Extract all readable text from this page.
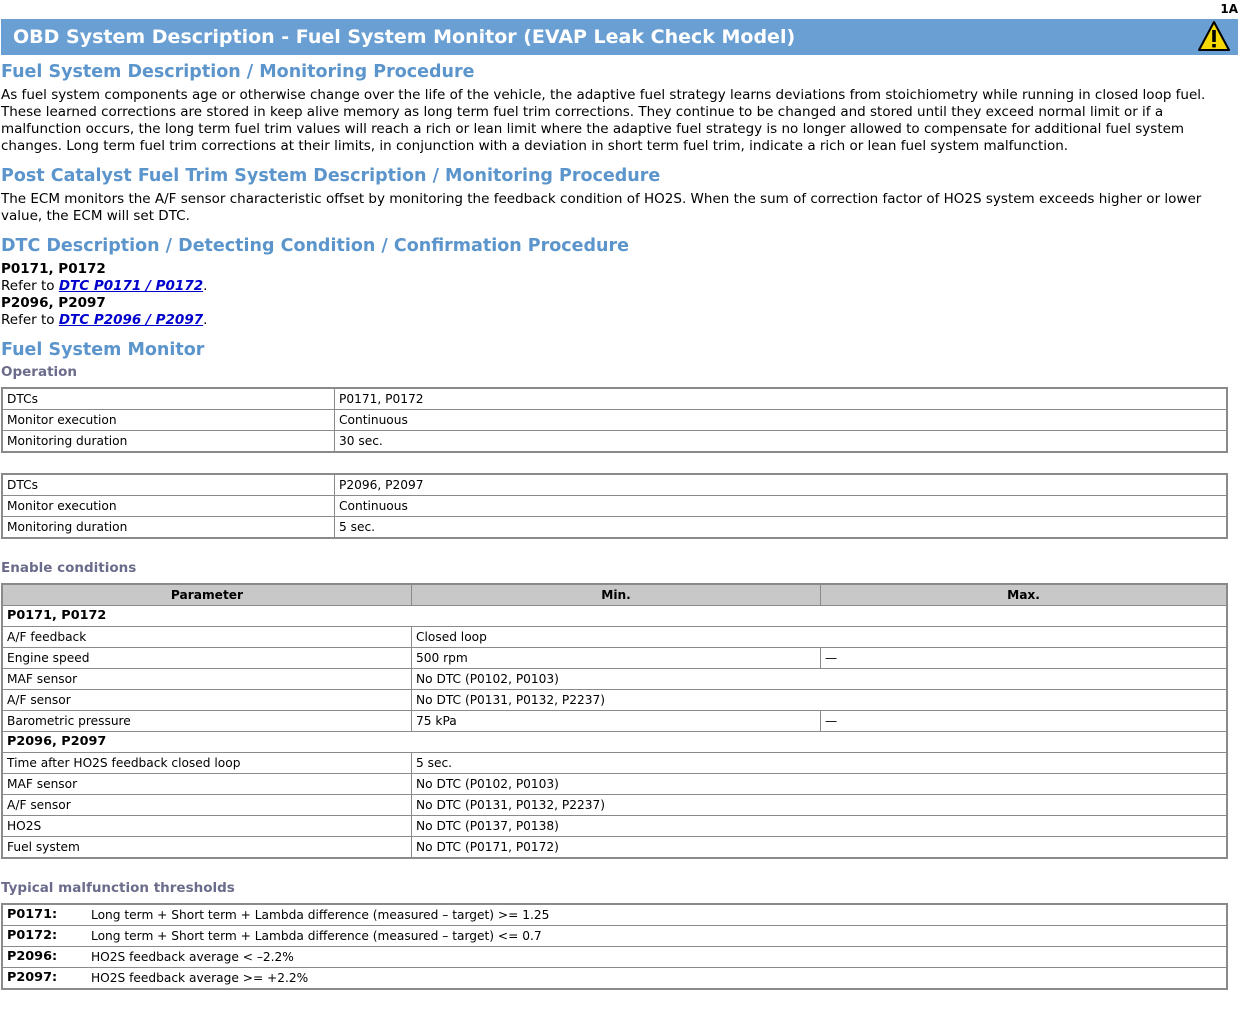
1A
OBD System Description - Fuel System Monitor (EVAP Leak Check Model)
Fuel System Description / Monitoring Procedure

As fuel system components age or otherwise change over the life of the vehicle, the adaptive fuel strategy learns deviations from stoichiometry while running in closed loop fuel. These learned corrections are stored in keep alive memory as long term fuel trim corrections. They continue to be changed and stored until they exceed normal limit or if a malfunction occurs, the long term fuel trim values will reach a rich or lean limit where the adaptive fuel strategy is no longer allowed to compensate for additional fuel system changes. Long term fuel trim corrections at their limits, in conjunction with a deviation in short term fuel trim, indicate a rich or lean fuel system malfunction.

Post Catalyst Fuel Trim System Description / Monitoring Procedure

The ECM monitors the A/F sensor characteristic offset by monitoring the feedback condition of HO2S. When the sum of correction factor of HO2S system exceeds higher or lower value, the ECM will set DTC.

DTC Description / Detecting Condition / Confirmation Procedure

P0171, P0172

Refer to DTC P0171 / P0172.

P2096, P2097

Refer to DTC P2096 / P2097.

Fuel System Monitor
Operation
DTCs	P0171, P0172
Monitor execution	Continuous
Monitoring duration	30 sec.
DTCs	P2096, P2097
Monitor execution	Continuous
Monitoring duration	5 sec.
Enable conditions
Parameter	Min.	Max.
P0171, P0172		
A/F feedback	Closed loop	
Engine speed	500 rpm	—
MAF sensor	No DTC (P0102, P0103)	
A/F sensor	No DTC (P0131, P0132, P2237)	
Barometric pressure	75 kPa	—
P2096, P2097		
Time after HO2S feedback closed loop	5 sec.	
MAF sensor	No DTC (P0102, P0103)	
A/F sensor	No DTC (P0131, P0132, P2237)	
HO2S	No DTC (P0137, P0138)	
Fuel system	No DTC (P0171, P0172)	
Typical malfunction thresholds
P0171:	Long term + Short term + Lambda difference (measured – target) >= 1.25
P0172:	Long term + Short term + Lambda difference (measured – target) <= 0.7
P2096:	HO2S feedback average < –2.2%
P2097:	HO2S feedback average >= +2.2%
